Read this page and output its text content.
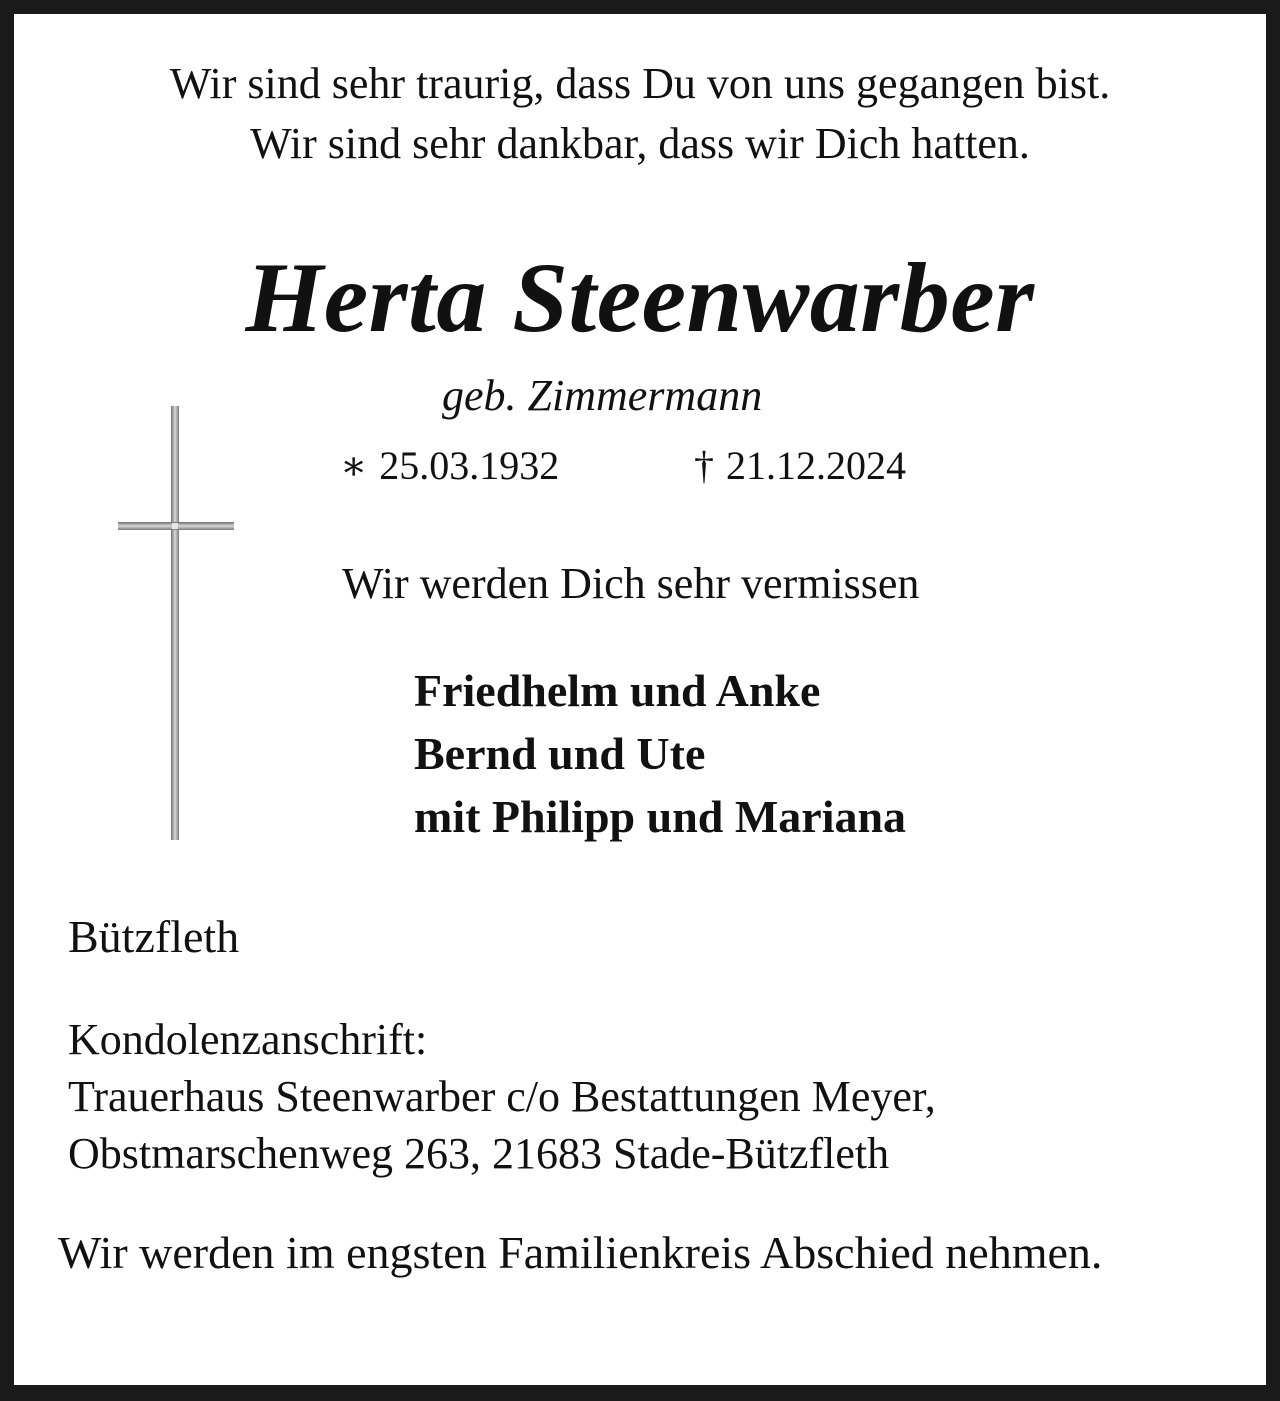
Wir sind sehr traurig, dass Du von uns gegangen bist.
Wir sind sehr dankbar, dass wir Dich hatten.
Herta Steenwarber
geb. Zimmermann
∗ 25.03.1932	† 21.12.2024
Wir werden Dich sehr vermissen
Friedhelm und Anke
Bernd und Ute
mit Philipp und Mariana
Bützfleth
Kondolenzanschrift:
Trauerhaus Steenwarber c/o Bestattungen Meyer,
Obstmarschenweg 263, 21683 Stade-Bützfleth
Wir werden im engsten Familienkreis Abschied nehmen.
